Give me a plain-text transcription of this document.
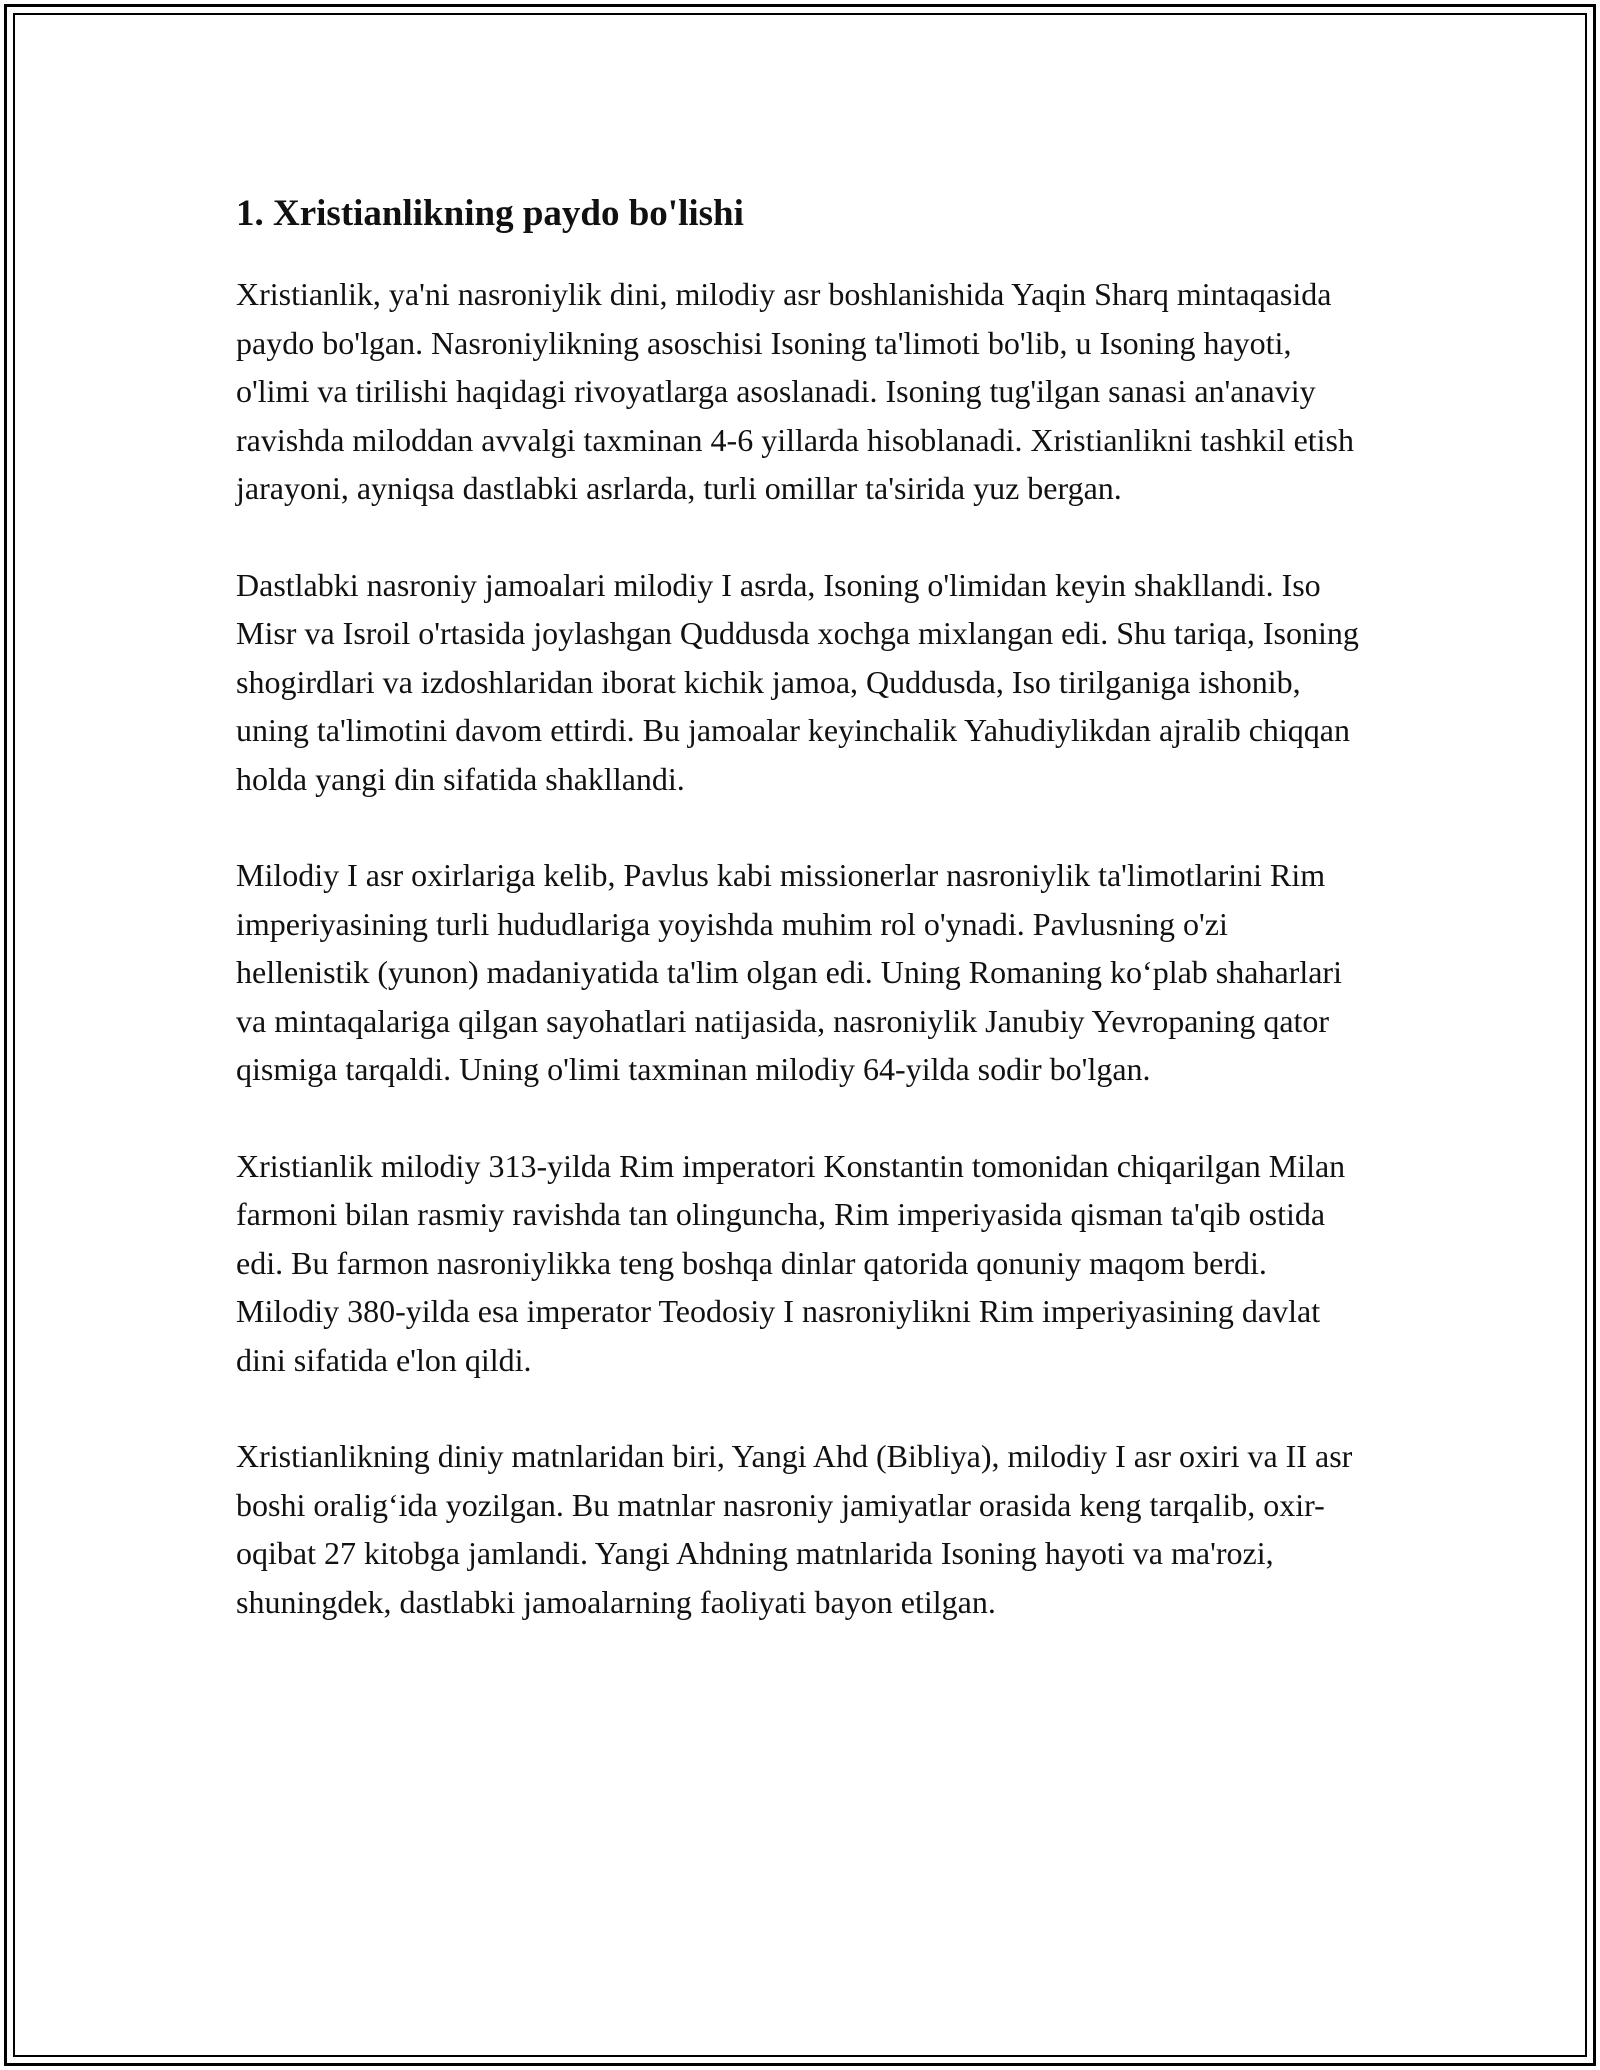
1. Xristianlikning paydo bo'lishi

Xristianlik, ya'ni nasroniylik dini, milodiy asr boshlanishida Yaqin Sharq mintaqasida paydo bo'lgan. Nasroniylikning asoschisi Isoning ta'limoti bo'lib, u Isoning hayoti, o'limi va tirilishi haqidagi rivoyatlarga asoslanadi. Isoning tug'ilgan sanasi an'anaviy ravishda miloddan avvalgi taxminan 4-6 yillarda hisoblanadi. Xristianlikni tashkil etish jarayoni, ayniqsa dastlabki asrlarda, turli omillar ta'sirida yuz bergan.

Dastlabki nasroniy jamoalari milodiy I asrda, Isoning o'limidan keyin shakllandi. Iso Misr va Isroil o'rtasida joylashgan Quddusda xochga mixlangan edi. Shu tariqa, Isoning shogirdlari va izdoshlaridan iborat kichik jamoa, Quddusda, Iso tirilganiga ishonib, uning ta'limotini davom ettirdi. Bu jamoalar keyinchalik Yahudiylikdan ajralib chiqqan holda yangi din sifatida shakllandi.

Milodiy I asr oxirlariga kelib, Pavlus kabi missionerlar nasroniylik ta'limotlarini Rim imperiyasining turli hududlariga yoyishda muhim rol o'ynadi. Pavlusning o'zi hellenistik (yunon) madaniyatida ta'lim olgan edi. Uning Romaning ko‘plab shaharlari va mintaqalariga qilgan sayohatlari natijasida, nasroniylik Janubiy Yevropaning qator qismiga tarqaldi. Uning o'limi taxminan milodiy 64-yilda sodir bo'lgan.

Xristianlik milodiy 313-yilda Rim imperatori Konstantin tomonidan chiqarilgan Milan farmoni bilan rasmiy ravishda tan olinguncha, Rim imperiyasida qisman ta'qib ostida edi. Bu farmon nasroniylikka teng boshqa dinlar qatorida qonuniy maqom berdi. Milodiy 380-yilda esa imperator Teodosiy I nasroniylikni Rim imperiyasining davlat dini sifatida e'lon qildi.

Xristianlikning diniy matnlaridan biri, Yangi Ahd (Bibliya), milodiy I asr oxiri va II asr boshi oralig‘ida yozilgan. Bu matnlar nasroniy jamiyatlar orasida keng tarqalib, oxir-oqibat 27 kitobga jamlandi. Yangi Ahdning matnlarida Isoning hayoti va ma'rozi, shuningdek, dastlabki jamoalarning faoliyati bayon etilgan.
